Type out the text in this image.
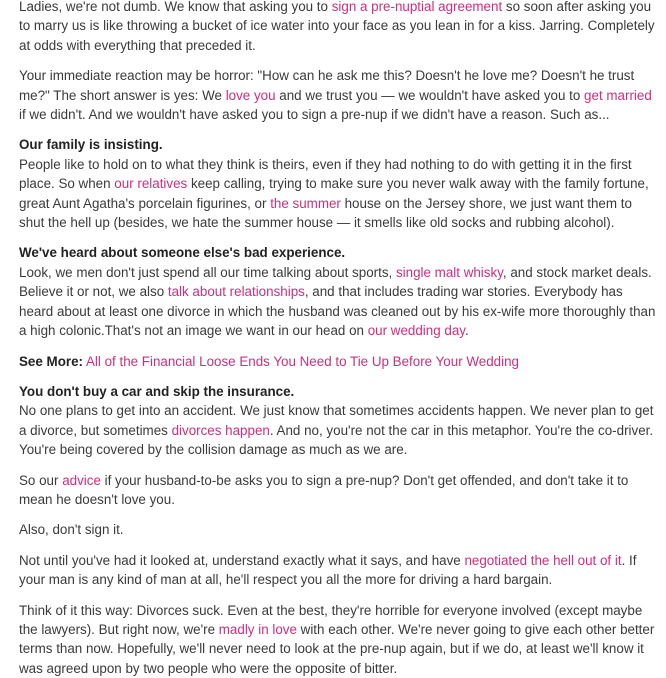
Ladies, we're not dumb. We know that asking you to sign a pre-nuptial agreement so soon after asking you to marry us is like throwing a bucket of ice water into your face as you lean in for a kiss. Jarring. Completely at odds with everything that preceded it.

Your immediate reaction may be horror: "How can he ask me this? Doesn't he love me? Doesn't he trust me?" The short answer is yes: We love you and we trust you — we wouldn't have asked you to get married if we didn't. And we wouldn't have asked you to sign a pre-nup if we didn't have a reason. Such as...

Our family is insisting.
People like to hold on to what they think is theirs, even if they had nothing to do with getting it in the first place. So when our relatives keep calling, trying to make sure you never walk away with the family fortune, great Aunt Agatha's porcelain figurines, or the summer house on the Jersey shore, we just want them to shut the hell up (besides, we hate the summer house — it smells like old socks and rubbing alcohol).

We've heard about someone else's bad experience.
Look, we men don't just spend all our time talking about sports, single malt whisky, and stock market deals. Believe it or not, we also talk about relationships, and that includes trading war stories. Everybody has heard about at least one divorce in which the husband was cleaned out by his ex-wife more thoroughly than a high colonic.That's not an image we want in our head on our wedding day.

See More: All of the Financial Loose Ends You Need to Tie Up Before Your Wedding

You don't buy a car and skip the insurance.
No one plans to get into an accident. We just know that sometimes accidents happen. We never plan to get a divorce, but sometimes divorces happen. And no, you're not the car in this metaphor. You're the co-driver. You're being covered by the collision damage as much as we are.

So our advice if your husband-to-be asks you to sign a pre-nup? Don't get offended, and don't take it to mean he doesn't love you.

Also, don't sign it.

Not until you've had it looked at, understand exactly what it says, and have negotiated the hell out of it. If your man is any kind of man at all, he'll respect you all the more for driving a hard bargain.

Think of it this way: Divorces suck. Even at the best, they're horrible for everyone involved (except maybe the lawyers). But right now, we're madly in love with each other. We're never going to give each other better terms than now. Hopefully, we'll never need to look at the pre-nup again, but if we do, at least we'll know it was agreed upon by two people who were the opposite of bitter.
